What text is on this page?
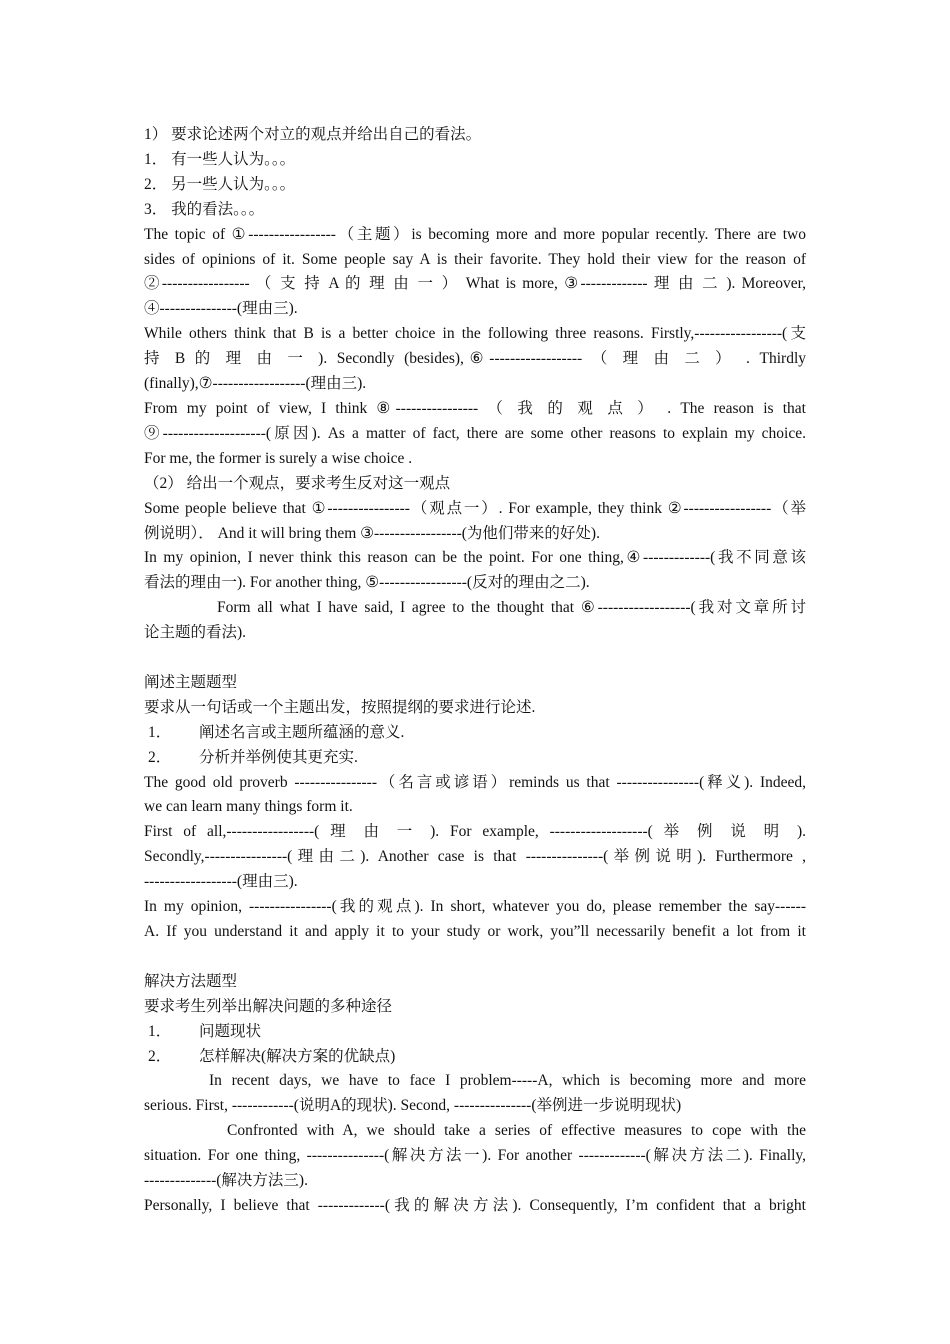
1） 要求论述两个对立的观点并给出自己的看法。
1． 有一些人认为。。。
2． 另一些人认为。。。
3． 我的看法。。。
The topic of ①-----------------（主题）is becoming more and more popular recently. There are two
sides of opinions of it. Some people say A is their favorite. They hold their view for the reason of
②----------------- （ 支 持 A 的 理 由 一 ） What is more, ③------------- 理 由 二 ). Moreover,
④---------------(理由三).
While others think that B is a better choice in the following three reasons. Firstly,-----------------(支
持 B 的 理 由 一 ). Secondly (besides),⑥------------------ （ 理 由 二 ） . Thirdly
(finally),⑦------------------(理由三).
From my point of view, I think ⑧---------------- （ 我 的 观 点 ） . The reason is that
⑨--------------------(原因). As a matter of fact, there are some other reasons to explain my choice.
For me, the former is surely a wise choice .
（2） 给出一个观点，要求考生反对这一观点
Some people believe that ①----------------（观点一）. For example, they think ②-----------------（举
例说明）． And it will bring them ③-----------------(为他们带来的好处).
In my opinion, I never think this reason can be the point. For one thing,④-------------(我不同意该
看法的理由一). For another thing, ⑤-----------------(反对的理由之二).
Form all what I have said, I agree to the thought that ⑥------------------(我对文章所讨
论主题的看法).
阐述主题题型
要求从一句话或一个主题出发，按照提纲的要求进行论述.
1． 阐述名言或主题所蕴涵的意义.
2． 分析并举例使其更充实.
The good old proverb ----------------（名言或谚语）reminds us that ----------------(释义). Indeed,
we can learn many things form it.
First of all,-----------------( 理 由 一 ). For example, -------------------( 举 例 说 明 ).
Secondly,----------------(理由二). Another case is that ---------------(举例说明). Furthermore ,
------------------(理由三).
In my opinion, ----------------(我的观点). In short, whatever you do, please remember the say------
A. If you understand it and apply it to your study or work, you”ll necessarily benefit a lot from it
解决方法题型
要求考生列举出解决问题的多种途径
1． 问题现状
2． 怎样解决(解决方案的优缺点)
In recent days, we have to face I problem-----A, which is becoming more and more
serious. First, ------------(说明A的现状). Second, ---------------(举例进一步说明现状)
Confronted with A, we should take a series of effective measures to cope with the
situation. For one thing, ---------------(解决方法一). For another -------------(解决方法二). Finally,
--------------(解决方法三).
Personally, I believe that -------------(我的解决方法). Consequently, I’m confident that a bright
